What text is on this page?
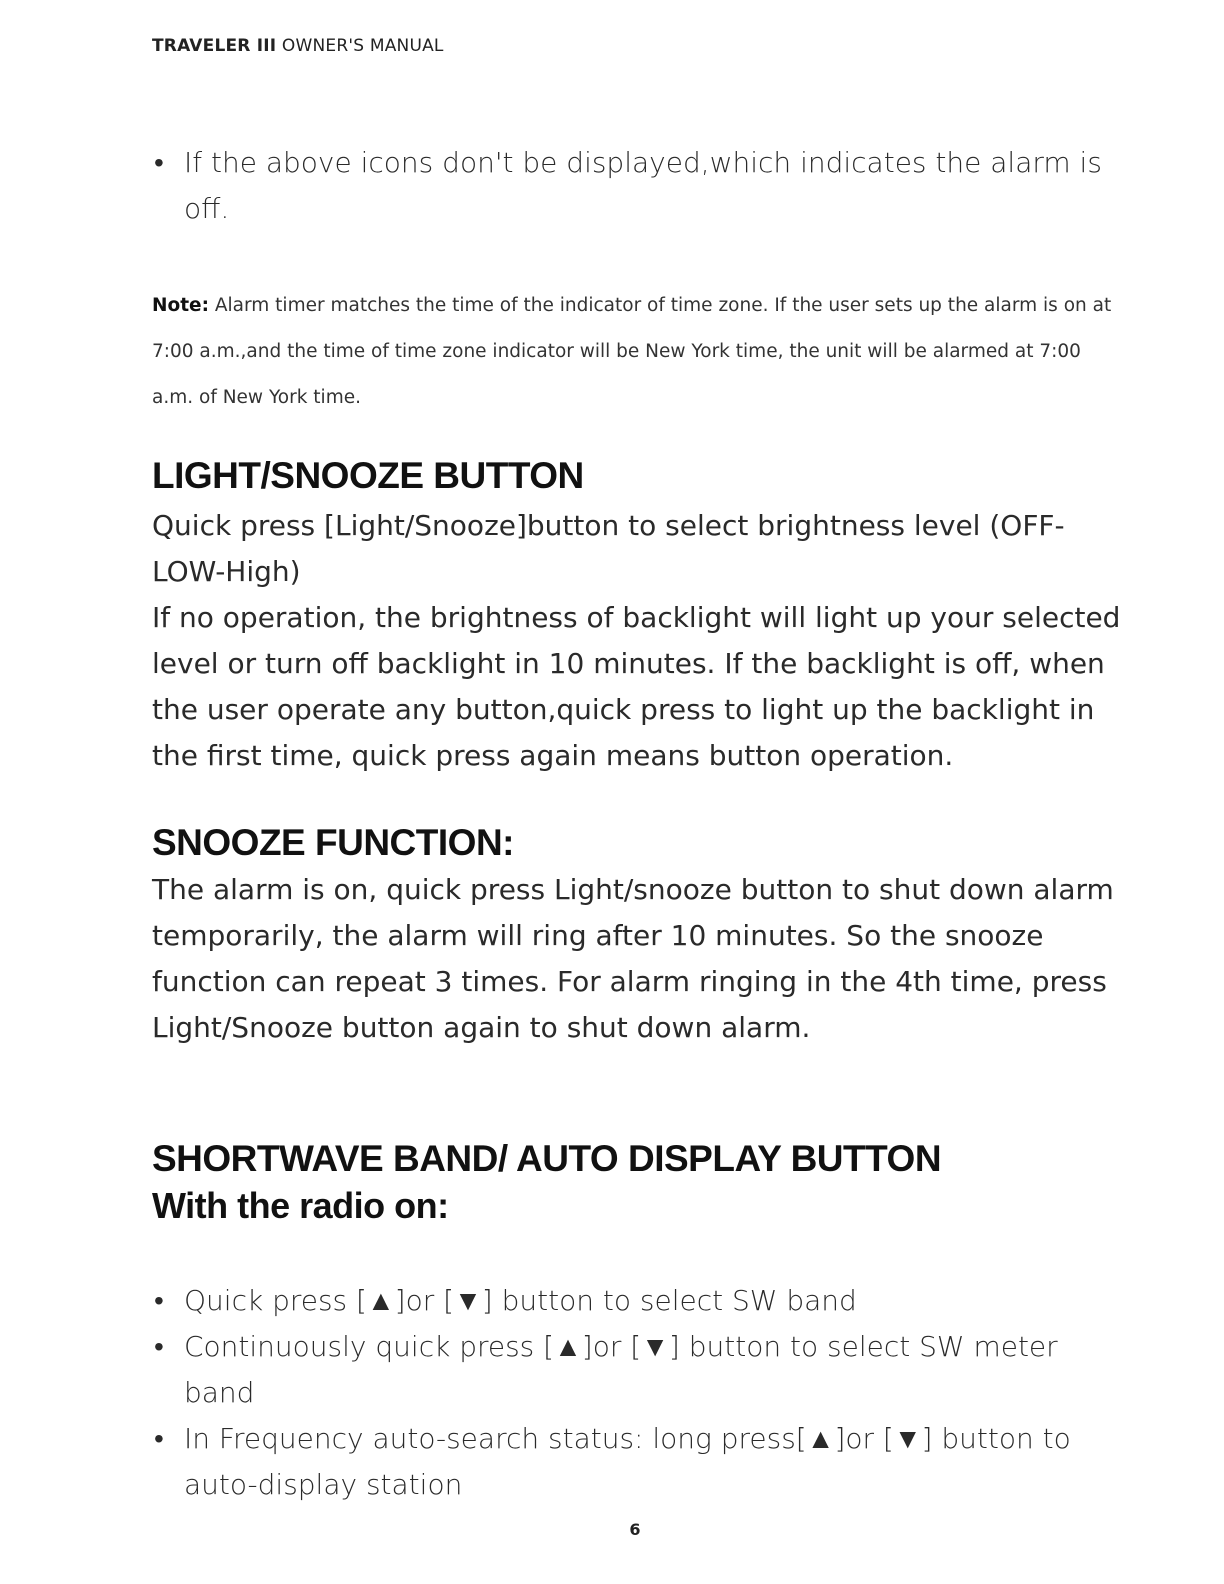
TRAVELER III OWNER'S MANUAL
• If the above icons don't be displayed,which indicates the alarm is off.
Note: Alarm timer matches the time of the indicator of time zone. If the user sets up the alarm is on at 7:00 a.m.,and the time of time zone indicator will be New York time, the unit will be alarmed at 7:00 a.m. of New York time.
LIGHT/SNOOZE BUTTON
Quick press [Light/Snooze]button to select brightness level (OFF-LOW-High)
If no operation, the brightness of backlight will light up your selected level or turn off backlight in 10 minutes. If the backlight is off, when the user operate any button,quick press to light up the backlight in the first time, quick press again means button operation.
SNOOZE FUNCTION:

The alarm is on, quick press Light/snooze button to shut down alarm temporarily, the alarm will ring after 10 minutes. So the snooze function can repeat 3 times. For alarm ringing in the 4th time, press Light/Snooze button again to shut down alarm.

SHORTWAVE BAND/ AUTO DISPLAY BUTTON
With the radio on:
• Quick press [▲]or [▼] button to select SW band
• Continuously quick press [▲]or [▼] button to select SW meter band
• In Frequency auto-search status: long press[▲]or [▼] button to auto-display station
6
